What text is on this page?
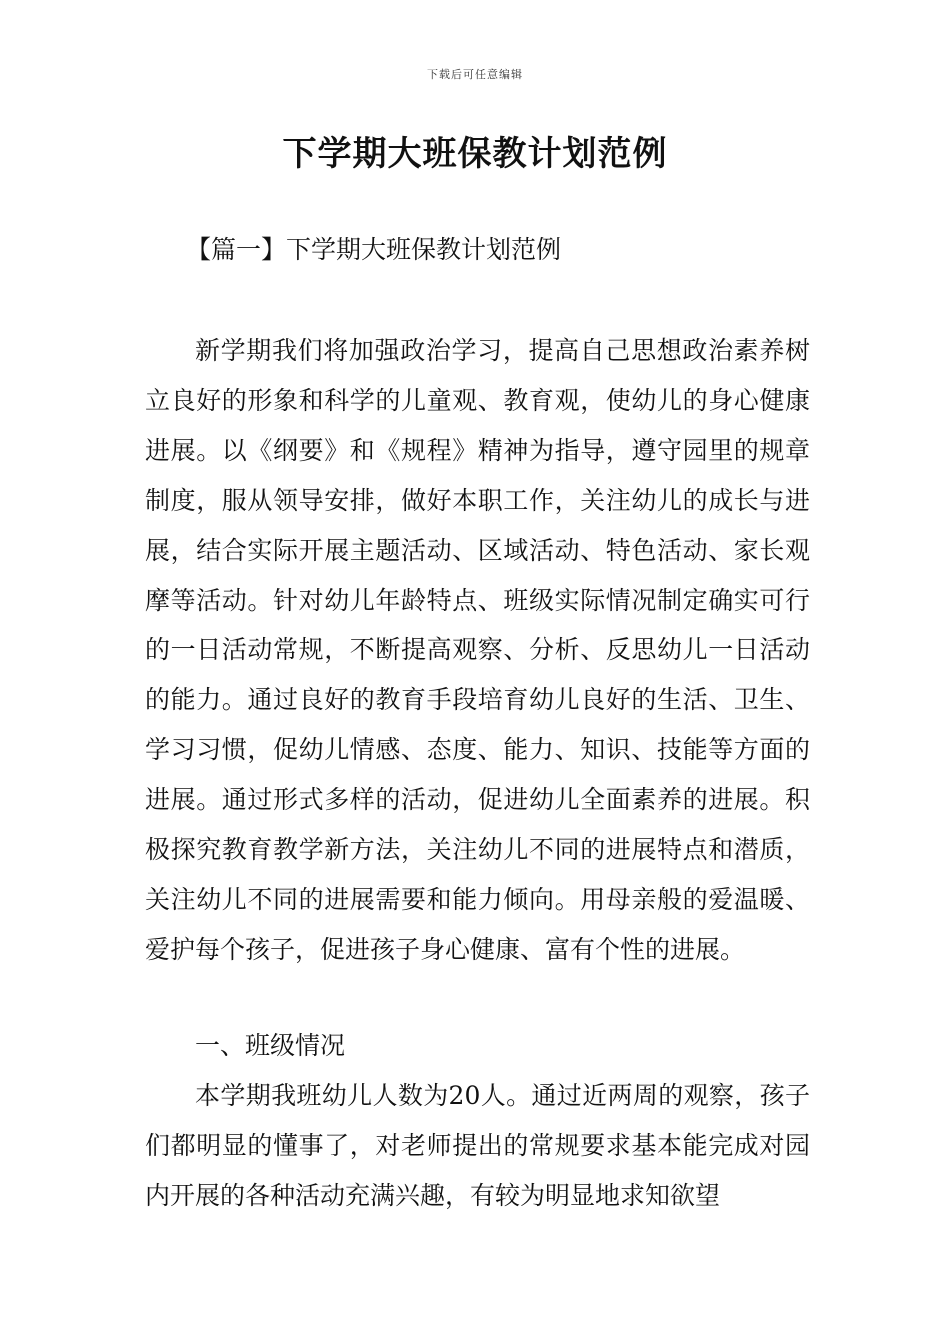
下载后可任意编辑
下学期大班保教计划范例
【篇一】下学期大班保教计划范例

新学期我们将加强政治学习，提高自己思想政治素养树立良好的形象和科学的儿童观、教育观，使幼儿的身心健康进展。以《纲要》和《规程》精神为指导，遵守园里的规章制度，服从领导安排，做好本职工作，关注幼儿的成长与进展，结合实际开展主题活动、区域活动、特色活动、家长观摩等活动。针对幼儿年龄特点、班级实际情况制定确实可行的一日活动常规，不断提高观察、分析、反思幼儿一日活动的能力。通过良好的教育手段培育幼儿良好的生活、卫生、学习习惯，促幼儿情感、态度、能力、知识、技能等方面的进展。通过形式多样的活动，促进幼儿全面素养的进展。积极探究教育教学新方法，关注幼儿不同的进展特点和潜质，关注幼儿不同的进展需要和能力倾向。用母亲般的爱温暖、爱护每个孩子，促进孩子身心健康、富有个性的进展。

一、班级情况

本学期我班幼儿人数为20人。通过近两周的观察，孩子们都明显的懂事了，对老师提出的常规要求基本能完成对园内开展的各种活动充满兴趣，有较为明显地求知欲望
